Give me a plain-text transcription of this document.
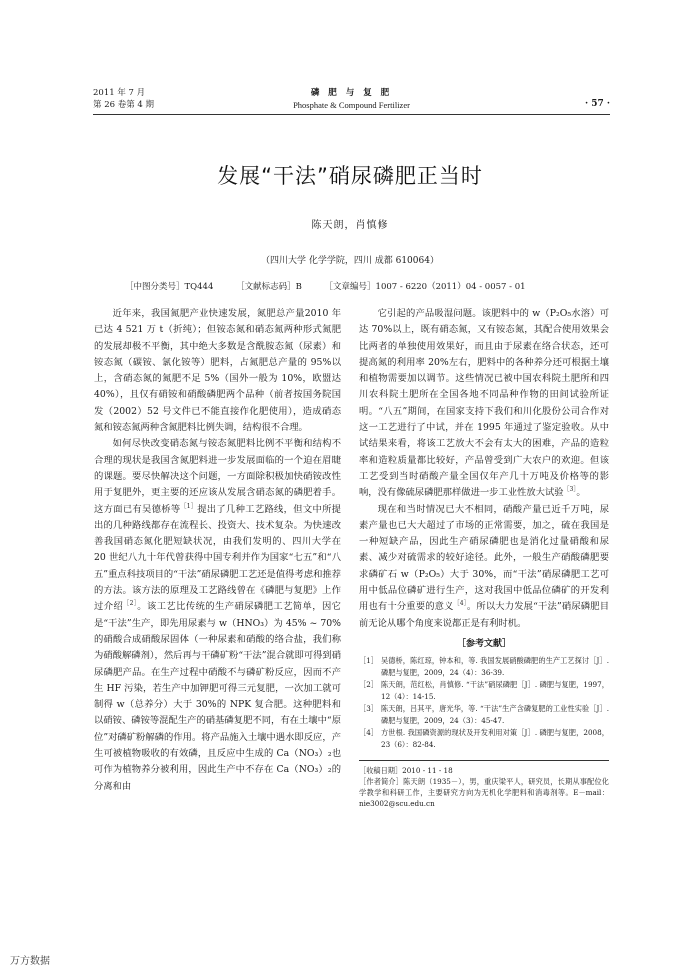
2011 年 7 月
第 26 卷第 4 期
磷 肥 与 复 肥
Phosphate & Compound Fertilizer	· 57 ·
发展“干法”硝尿磷肥正当时
陈天朗，肖慎修
（四川大学 化学学院，四川 成都 610064）
［中图分类号］TQ444	［文献标志码］B	［文章编号］1007 - 6220（2011）04 - 0057 - 01

近年来，我国氮肥产业快速发展，氮肥总产量2010 年已达 4 521 万 t（折纯）；但铵态氮和硝态氮两种形式氮肥的发展却极不平衡，其中绝大多数是含酰胺态氮（尿素）和铵态氮（碳铵、氯化铵等）肥料，占氮肥总产量的 95%以上，含硝态氮的氮肥不足 5%（国外一般为 10%，欧盟达 40%），且仅有硝铵和硝酸磷肥两个品种（前者按国务院国发（2002）52 号文件已不能直接作化肥使用），造成硝态氮和铵态氮两种含氮肥料比例失调，结构很不合理。

如何尽快改变硝态氮与铵态氮肥料比例不平衡和结构不合理的现状是我国含氮肥料进一步发展面临的一个迫在眉睫的课题。要尽快解决这个问题，一方面除积极加快硝铵改性用于复肥外，更主要的还应该从发展含硝态氮的磷肥着手。这方面已有吴德桥等$^{[1]}$提出了几种工艺路线，但文中所提出的几种路线都存在流程长、投资大、技术复杂。为快速改善我国硝态氮化肥短缺状况，由我们发明的、四川大学在 20 世纪八九十年代曾获得中国专利并作为国家“七五”和“八五”重点科技项目的“干法”硝尿磷肥工艺还是值得考虑和推荐的方法。该方法的原理及工艺路线曾在《磷肥与复肥》上作过介绍$^{[2]}$。该工艺比传统的生产硝尿磷肥工艺简单，因它是“干法”生产，即先用尿素与 w（HNO₃）为 45% ~ 70%的硝酸合成硝酸尿固体（一种尿素和硝酸的络合盐，我们称为硝酸解磷剂），然后再与干磷矿粉“干法”混合就即可得到硝尿磷肥产品。在生产过程中硝酸不与磷矿粉反应，因而不产生 HF 污染，若生产中加钾肥可得三元复肥，一次加工就可制得 w（总养分）大于 30%的 NPK 复合肥。这种肥料和以硝铵、磷铵等混配生产的硝基磷复肥不同，有在土壤中“原位”对磷矿粉解磷的作用。将产品施入土壤中遇水即反应，产生可被植物吸收的有效磷，且反应中生成的 Ca（NO₃）₂也可作为植物养分被利用，因此生产中不存在 Ca（NO₃）₂的分离和由

它引起的产品吸湿问题。该肥料中的 w（P₂O₅水溶）可达 70%以上，既有硝态氮，又有铵态氮，其配合使用效果会比两者的单独使用效果好，而且由于尿素在络合状态，还可提高氮的利用率 20%左右，肥料中的各种养分还可根据土壤和植物需要加以调节。这些情况已被中国农科院土肥所和四川农科院土肥所在全国各地不同品种作物的田间试验所证明。“八五”期间，在国家支持下我们和川化股份公司合作对这一工艺进行了中试，并在 1995 年通过了鉴定验收。从中试结果来看，将该工艺放大不会有太大的困难，产品的造粒率和造粒质量都比较好，产品曾受到广大农户的欢迎。但该工艺受到当时硝酸产量全国仅年产几十万吨及价格等的影响，没有像硫尿磷肥那样做进一步工业性放大试验$^{[3]}$。

现在和当时情况已大不相同，硝酸产量已近千万吨，尿素产量也已大大超过了市场的正常需要，加之，硫在我国是一种短缺产品，因此生产硝尿磷肥也是消化过量硝酸和尿素、减少对硫需求的较好途径。此外，一般生产硝酸磷肥要求磷矿石 w（P₂O₅）大于 30%，而“干法”硝尿磷肥工艺可用中低品位磷矿进行生产，这对我国中低品位磷矿的开发利用也有十分重要的意义$^{[4]}$。所以大力发展“干法”硝尿磷肥目前无论从哪个角度来说都正是有利时机。

［参考文献］
［1］ 吴德桥，陈红琼，钟本和，等. 我国发展硝酸磷肥的生产工艺探讨［J］. 磷肥与复肥，2009，24（4）：36-39.
［2］ 陈天朗，范红松，肖慎修. “干法”硝尿磷肥［J］. 磷肥与复肥，1997，12（4）：14-15.
［3］ 陈天朗，吕其平，唐光华，等. “干法”生产含磷复肥的工业性实验［J］. 磷肥与复肥，2009，24（3）：45-47.
［4］ 方世根. 我国磷资源的现状及开发利用对策［J］. 磷肥与复肥，2008，23（6）：82-84.
［收稿日期］2010 - 11 - 18
［作者简介］陈天朗（1935－），男，重庆梁平人，研究员，长期从事配位化学教学和科研工作，主要研究方向为无机化学肥料和消毒剂等。E－mail：nie3002@scu.edu.cn
万方数据
